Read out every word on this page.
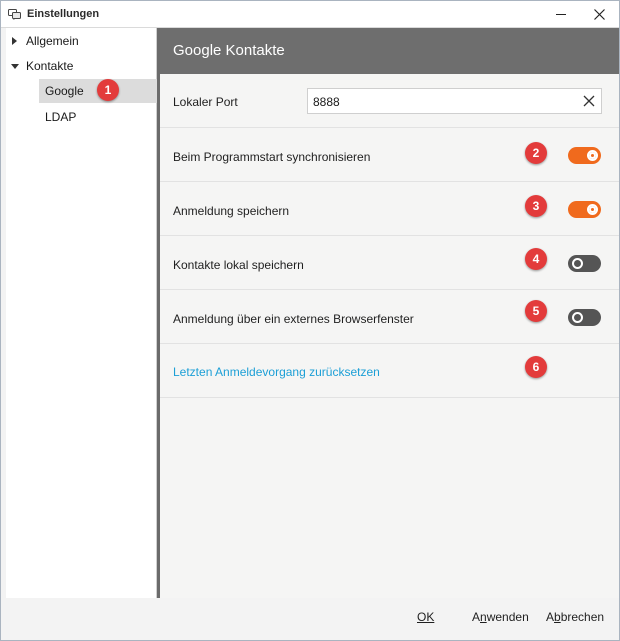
Einstellungen
Allgemein
Kontakte
Google
LDAP
1
Google Kontakte
Lokaler Port	8888
Beim Programmstart synchronisieren	2
Anmeldung speichern	3
Kontakte lokal speichern	4
Anmeldung über ein externes Browserfenster
5
Letzten Anmeldevorgang zurücksetzen	6
OK	Anwenden Abbrechen
